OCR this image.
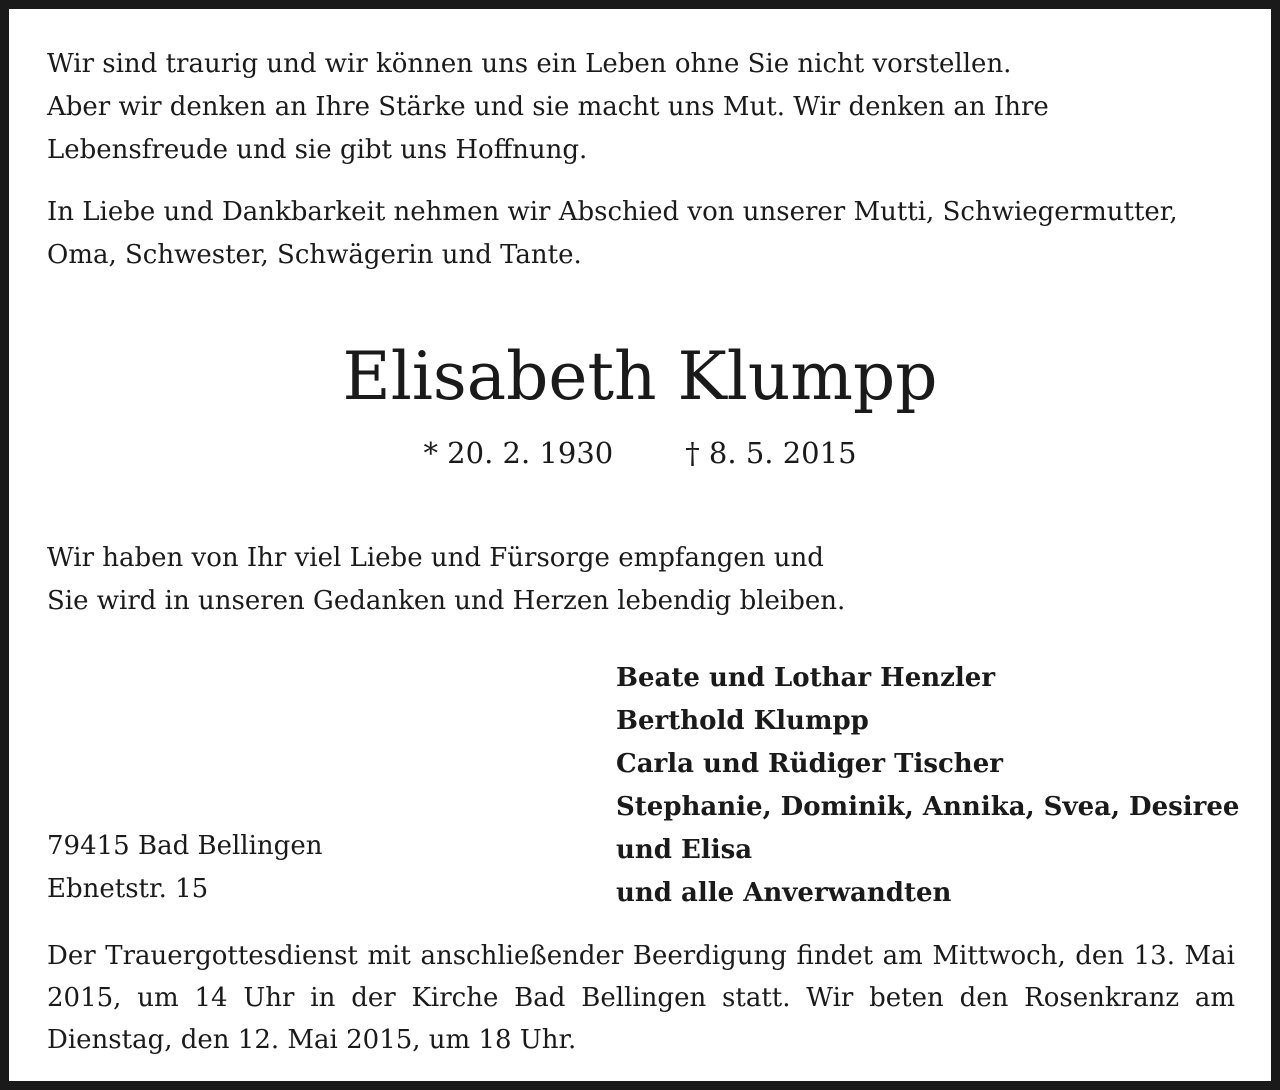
Wir sind traurig und wir können uns ein Leben ohne Sie nicht vorstellen.
Aber wir denken an Ihre Stärke und sie macht uns Mut. Wir denken an Ihre
Lebensfreude und sie gibt uns Hoffnung.
In Liebe und Dankbarkeit nehmen wir Abschied von unserer Mutti, Schwiegermutter,
Oma, Schwester, Schwägerin und Tante.
Elisabeth Klumpp
* 20. 2. 1930 † 8. 5. 2015
Wir haben von Ihr viel Liebe und Fürsorge empfangen und
Sie wird in unseren Gedanken und Herzen lebendig bleiben.
Beate und Lothar Henzler
Berthold Klumpp
Carla und Rüdiger Tischer
Stephanie, Dominik, Annika, Svea, Desiree
und Elisa
und alle Anverwandten
79415 Bad Bellingen
Ebnetstr. 15
Der Trauergottesdienst mit anschließender Beerdigung findet am Mittwoch, den 13. Mai 2015, um 14 Uhr in der Kirche Bad Bellingen statt. Wir beten den Rosenkranz am Dienstag, den 12. Mai 2015, um 18 Uhr.
